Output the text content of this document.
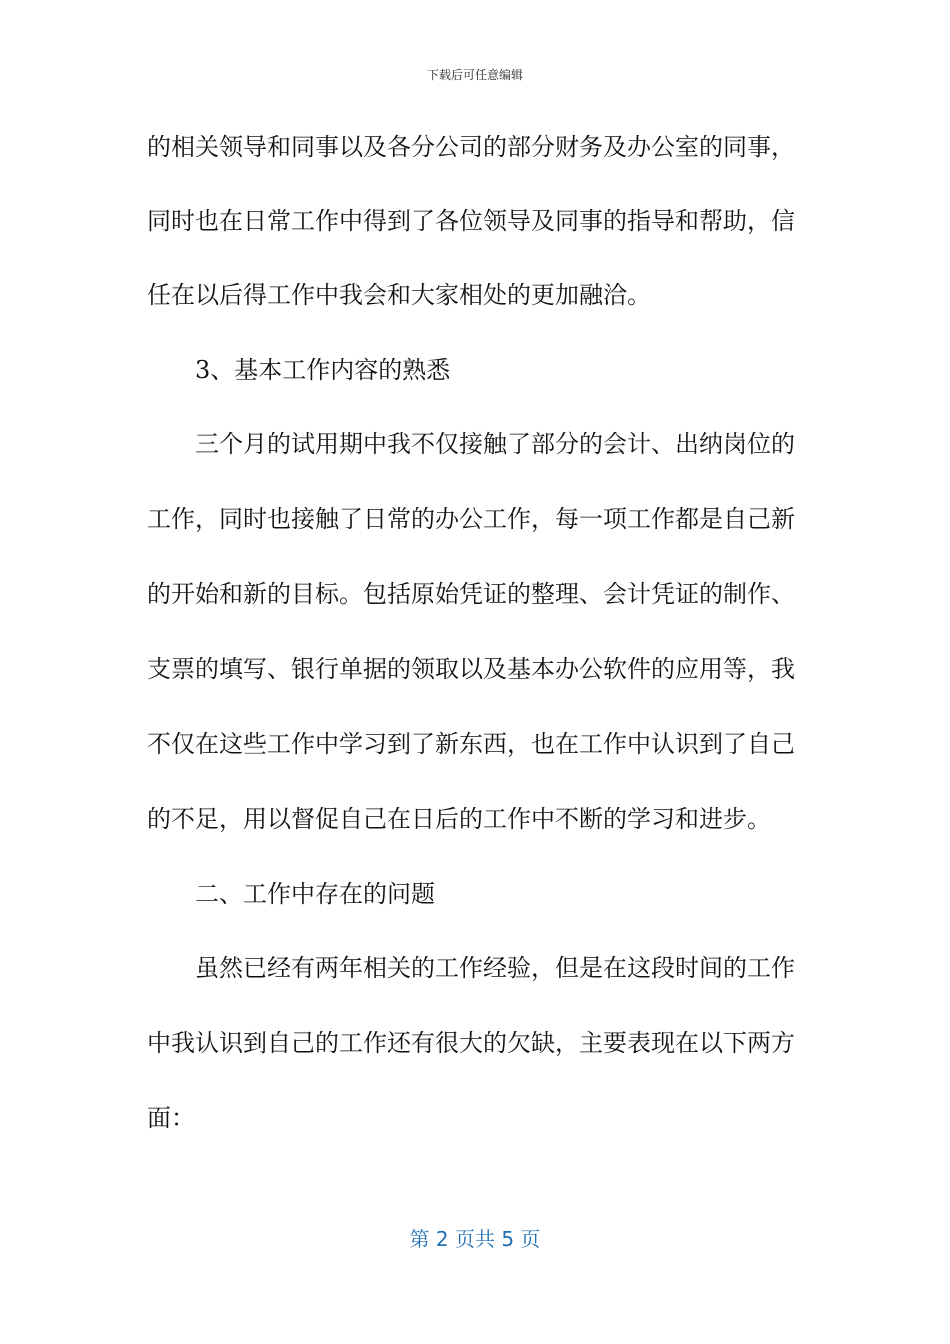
下载后可任意编辑
的相关领导和同事以及各分公司的部分财务及办公室的同事，
同时也在日常工作中得到了各位领导及同事的指导和帮助，信
任在以后得工作中我会和大家相处的更加融洽。
3、基本工作内容的熟悉
三个月的试用期中我不仅接触了部分的会计、出纳岗位的
工作，同时也接触了日常的办公工作，每一项工作都是自己新
的开始和新的目标。包括原始凭证的整理、会计凭证的制作、
支票的填写、银行单据的领取以及基本办公软件的应用等，我
不仅在这些工作中学习到了新东西，也在工作中认识到了自己
的不足，用以督促自己在日后的工作中不断的学习和进步。
二、工作中存在的问题
虽然已经有两年相关的工作经验，但是在这段时间的工作
中我认识到自己的工作还有很大的欠缺，主要表现在以下两方
面：
第 2 页共 5 页
